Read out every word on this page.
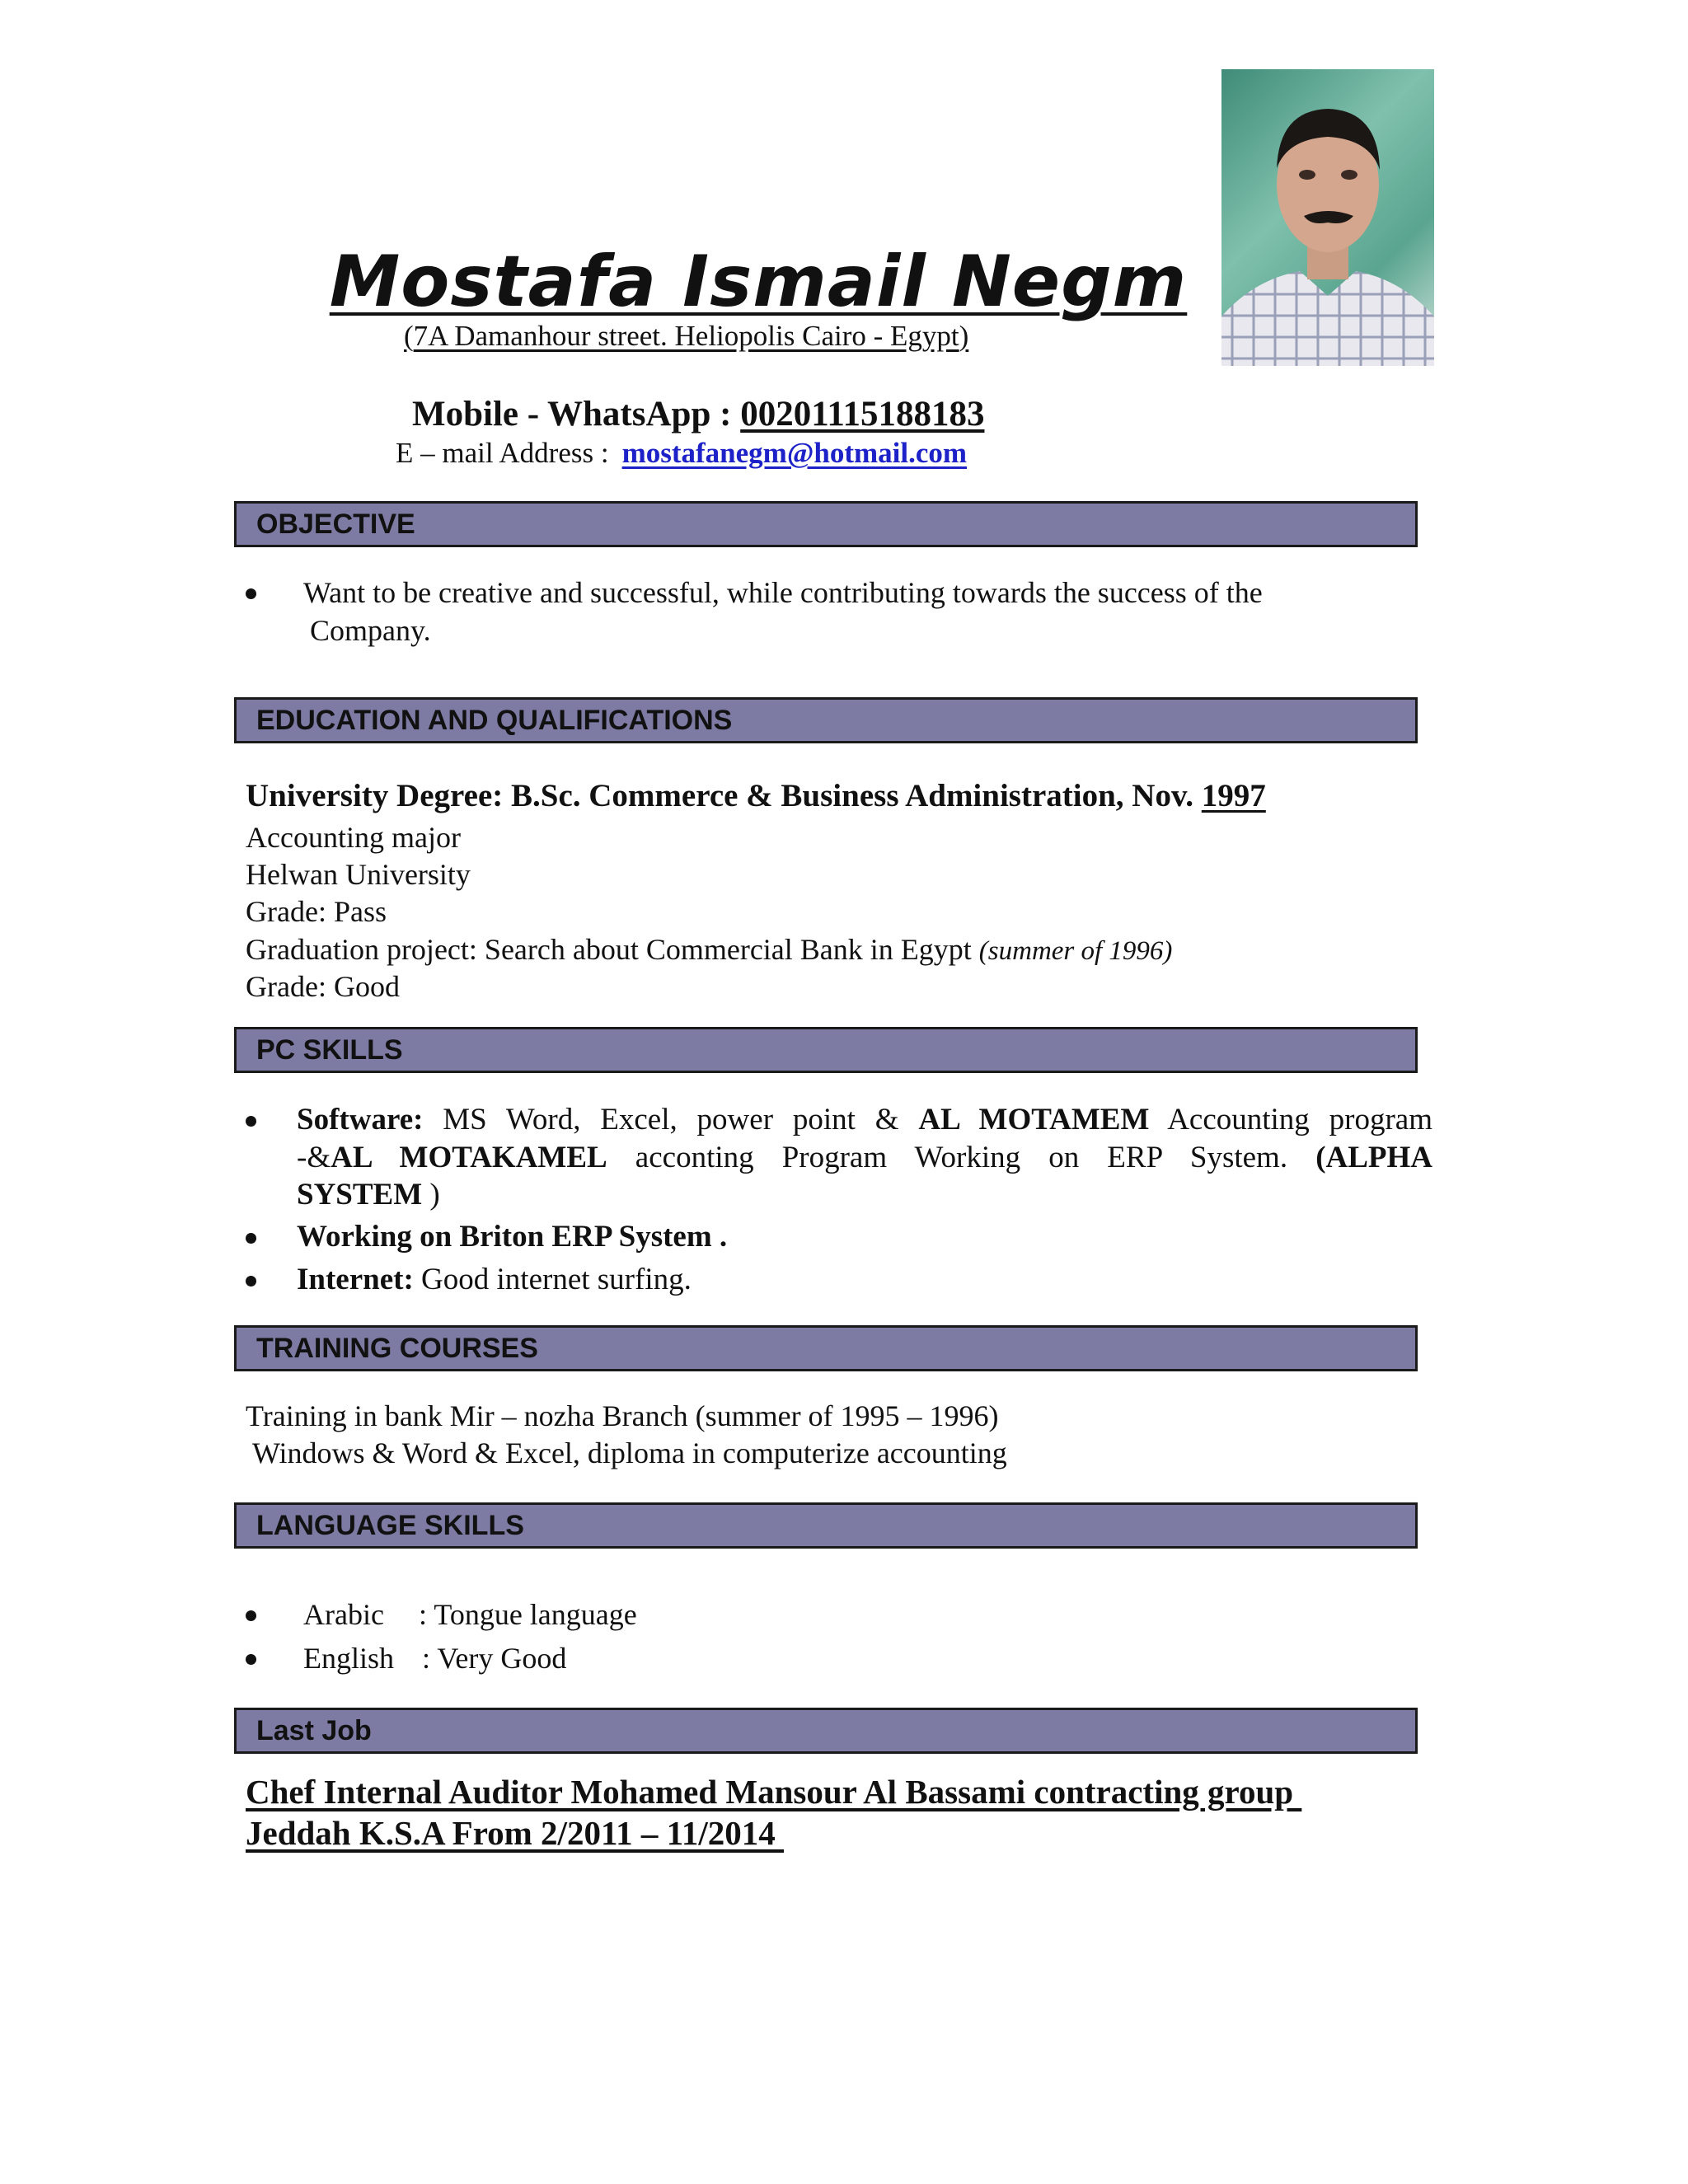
Mostafa Ismail Negm
(7A Damanhour street. Heliopolis Cairo - Egypt)
Mobile - WhatsApp : 00201115188183
E – mail Address : mostafanegm@hotmail.com
OBJECTIVE
Want to be creative and successful, while contributing towards the success of the
Company.
EDUCATION AND QUALIFICATIONS
University Degree: B.Sc. Commerce & Business Administration, Nov. 1997
Accounting major
Helwan University
Grade: Pass
Graduation project: Search about Commercial Bank in Egypt (summer of 1996)
Grade: Good
PC SKILLS
Software: MS Word, Excel, power point & AL MOTAMEM Accounting program
-&AL MOTAKAMEL acconting Program Working on ERP System. (ALPHA
SYSTEM )
Working on Briton ERP System .
Internet: Good internet surfing.
TRAINING COURSES
Training in bank Mir – nozha Branch (summer of 1995 – 1996)
Windows & Word & Excel, diploma in computerize accounting
LANGUAGE SKILLS
Arabic : Tongue language
English : Very Good
Last Job
Chef Internal Auditor Mohamed Mansour Al Bassami contracting group
Jeddah K.S.A From 2/2011 – 11/2014
